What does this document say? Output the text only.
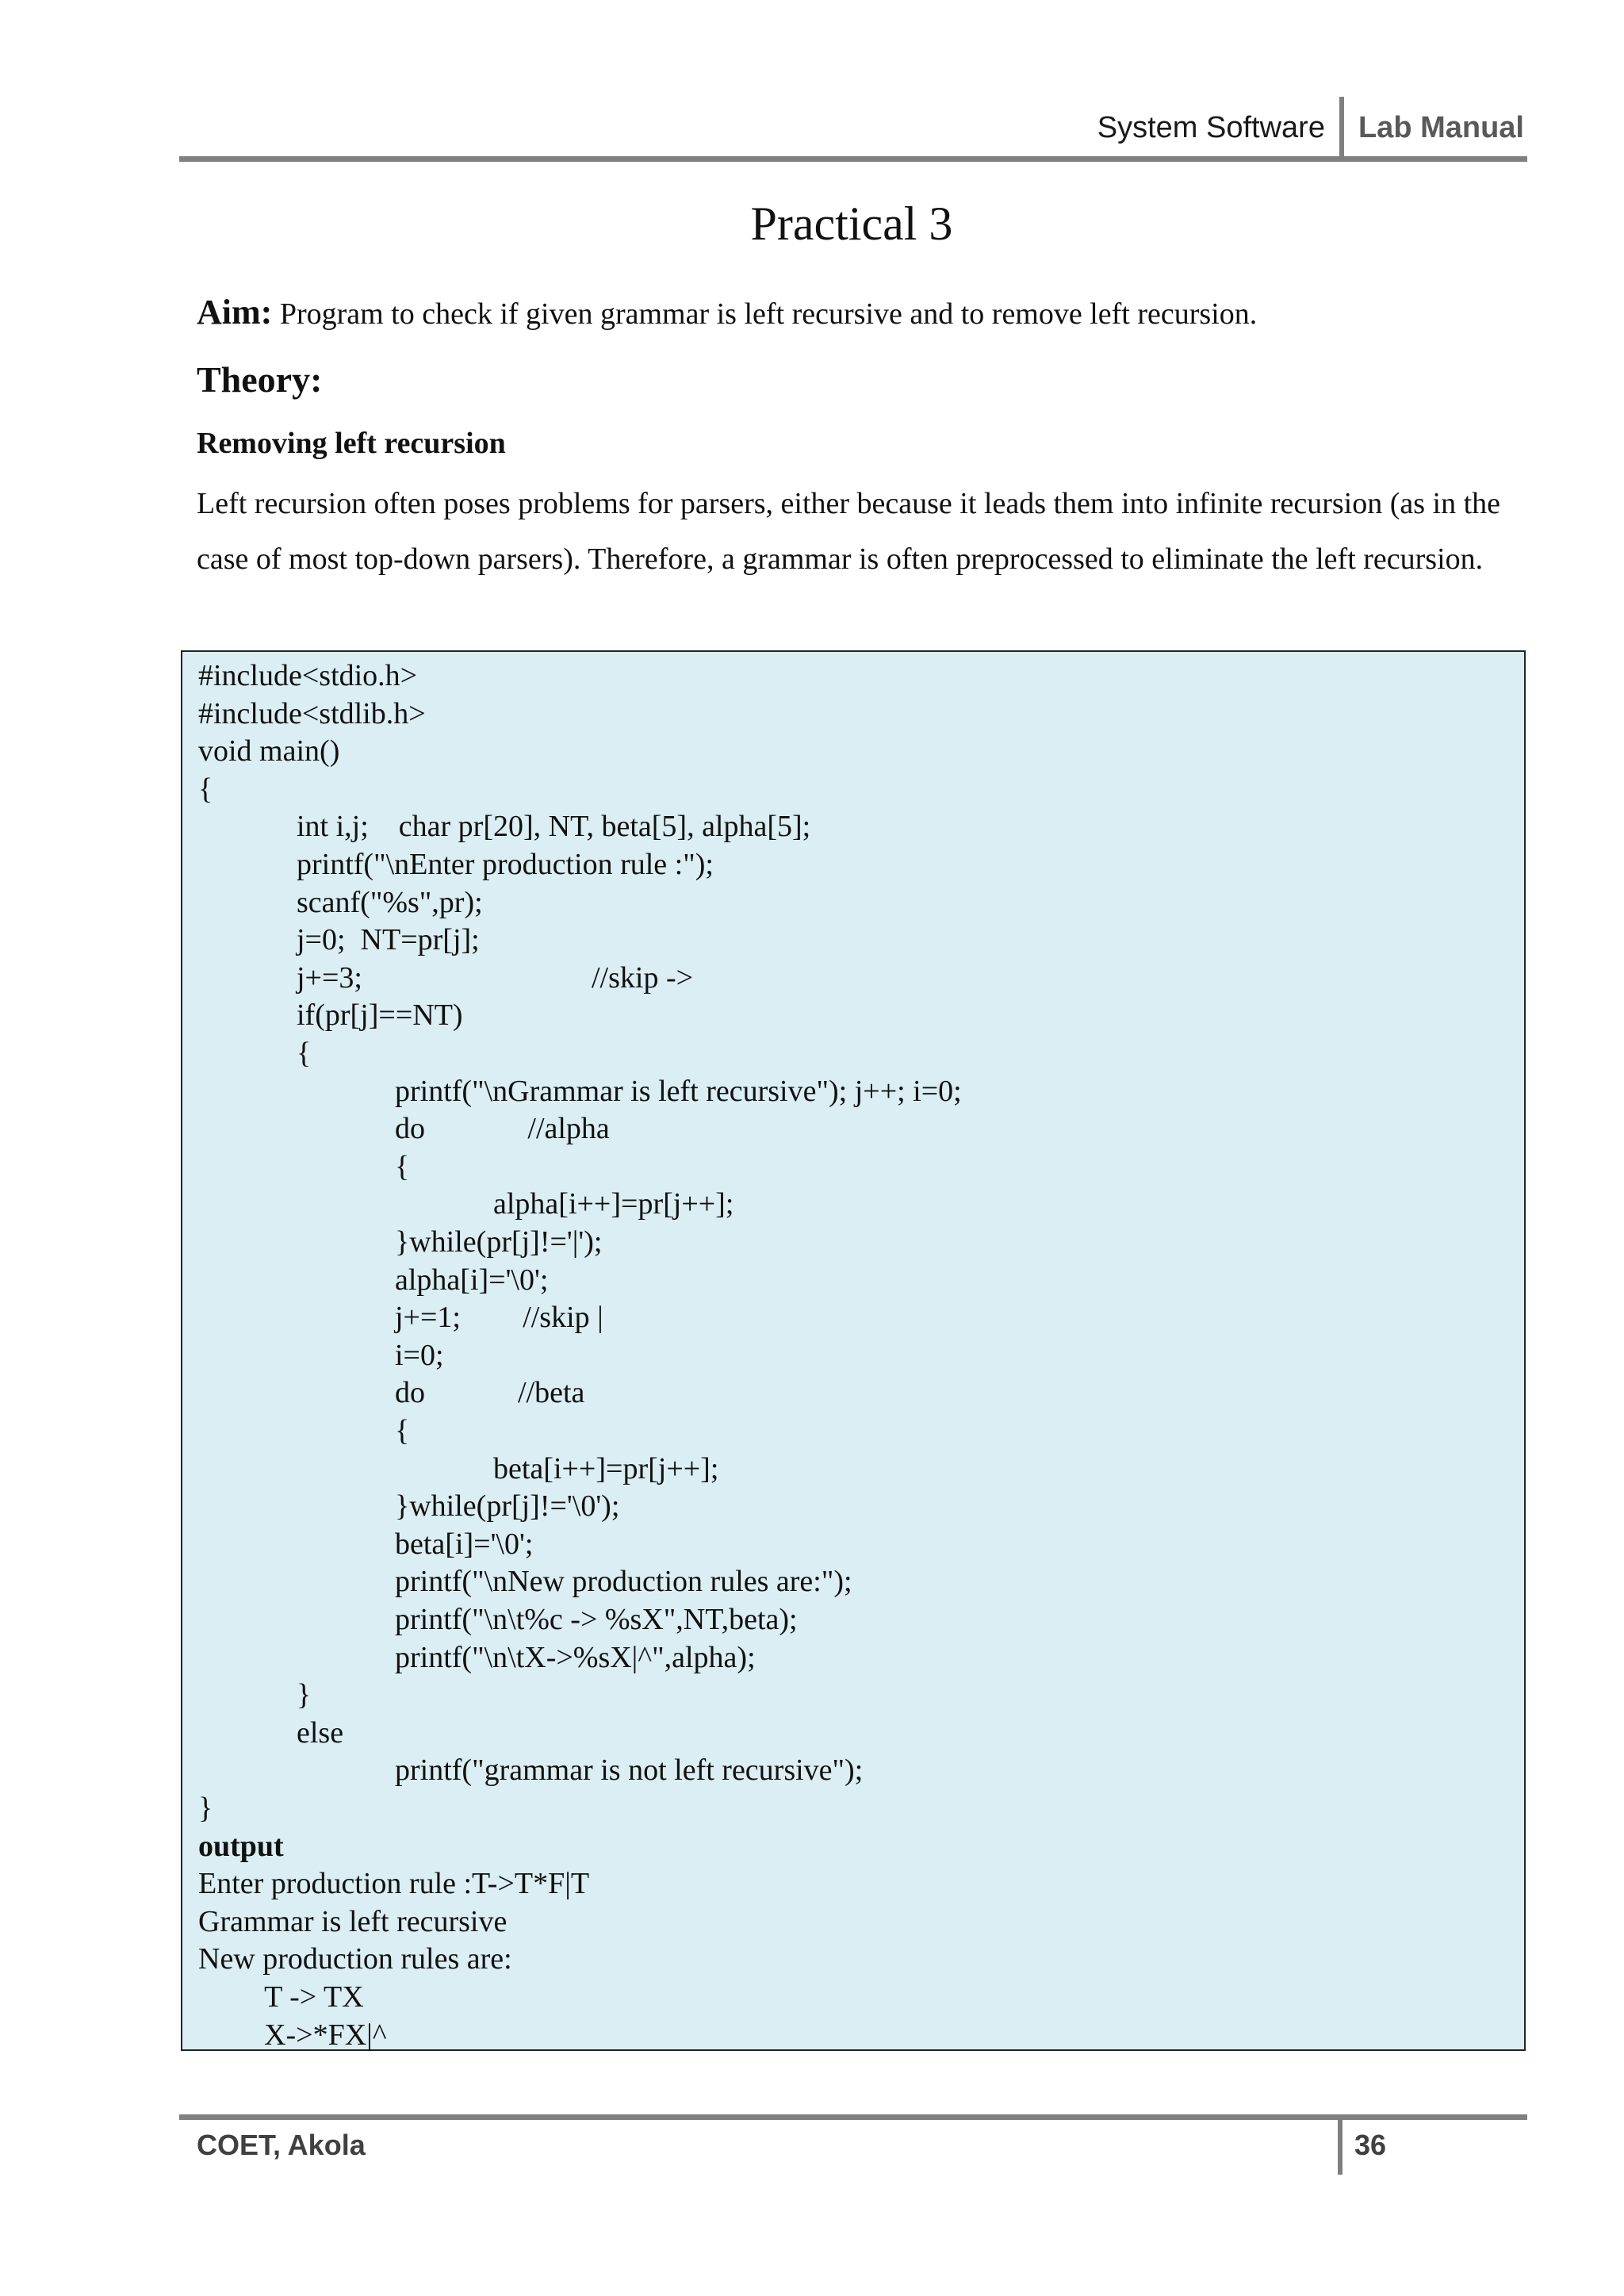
System Software	Lab Manual
Practical 3
Aim: Program to check if given grammar is left recursive and to remove left recursion.
Theory:
Removing left recursion
Left recursion often poses problems for parsers, either because it leads them into infinite recursion (as in the case of most top-down parsers). Therefore, a grammar is often preprocessed to eliminate the left recursion.
#include<stdio.h>
#include<stdlib.h>
void main()
{
int i,j;    char pr[20], NT, beta[5], alpha[5];
printf("\nEnter production rule :");
scanf("%s",pr);
j=0;  NT=pr[j];
j+=3;	//skip ->
if(pr[j]==NT)
{
printf("\nGrammar is left recursive"); j++; i=0;
do	//alpha
{
alpha[i++]=pr[j++];
}while(pr[j]!='|');
alpha[i]='\0';
j+=1; //skip |
i=0;
do	//beta
{
beta[i++]=pr[j++];
}while(pr[j]!='\0');
beta[i]='\0';
printf("\nNew production rules are:");
printf("\n\t%c -> %sX",NT,beta);
printf("\n\tX->%sX|^",alpha);
}
else
printf("grammar is not left recursive");
}
output
Enter production rule :T->T*F|T
Grammar is left recursive
New production rules are:
T -> TX
X->*FX|^
COET, Akola	36
